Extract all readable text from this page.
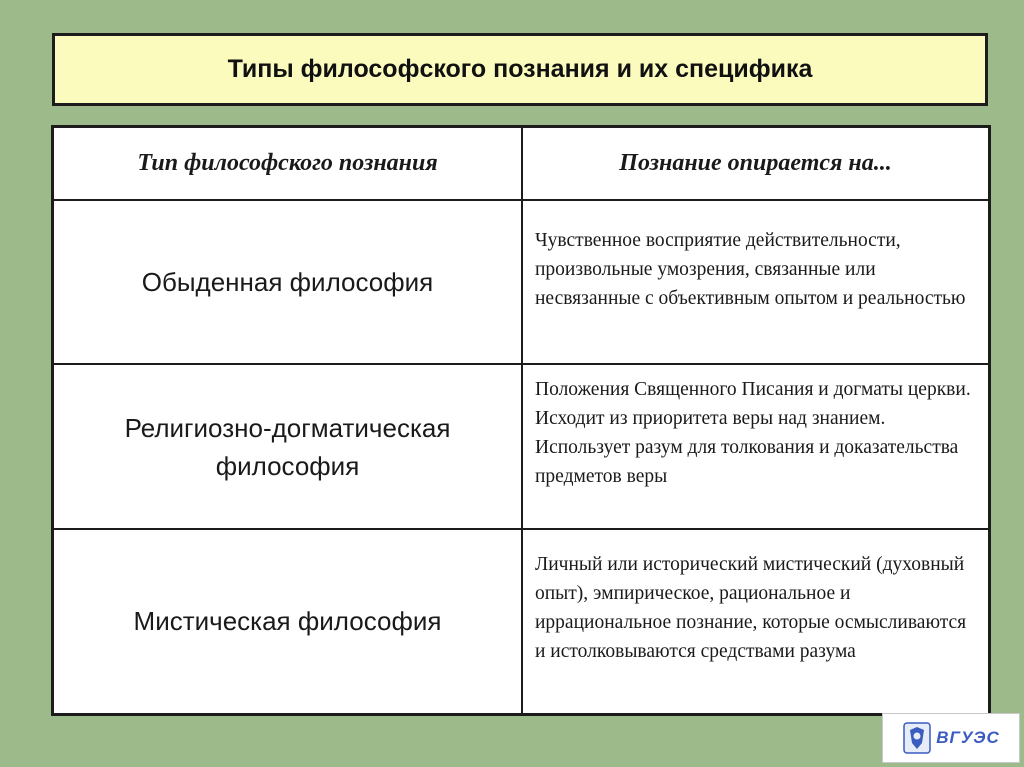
Типы философского познания и их специфика
Тип философского познания	Познание опирается на...
Обыденная философия	Чувственное восприятие действительности, произвольные умозрения, связанные или несвязанные с объективным опытом и реальностью
Религиозно-догматическая философия	Положения Священного Писания и догматы церкви. Исходит из приоритета веры над знанием. Использует разум для толкования и доказательства предметов веры
Мистическая философия	Личный или исторический мистический (духовный опыт), эмпирическое, рациональное и иррациональное познание, которые осмысливаются и истолковываются средствами разума
ВГУЭС
